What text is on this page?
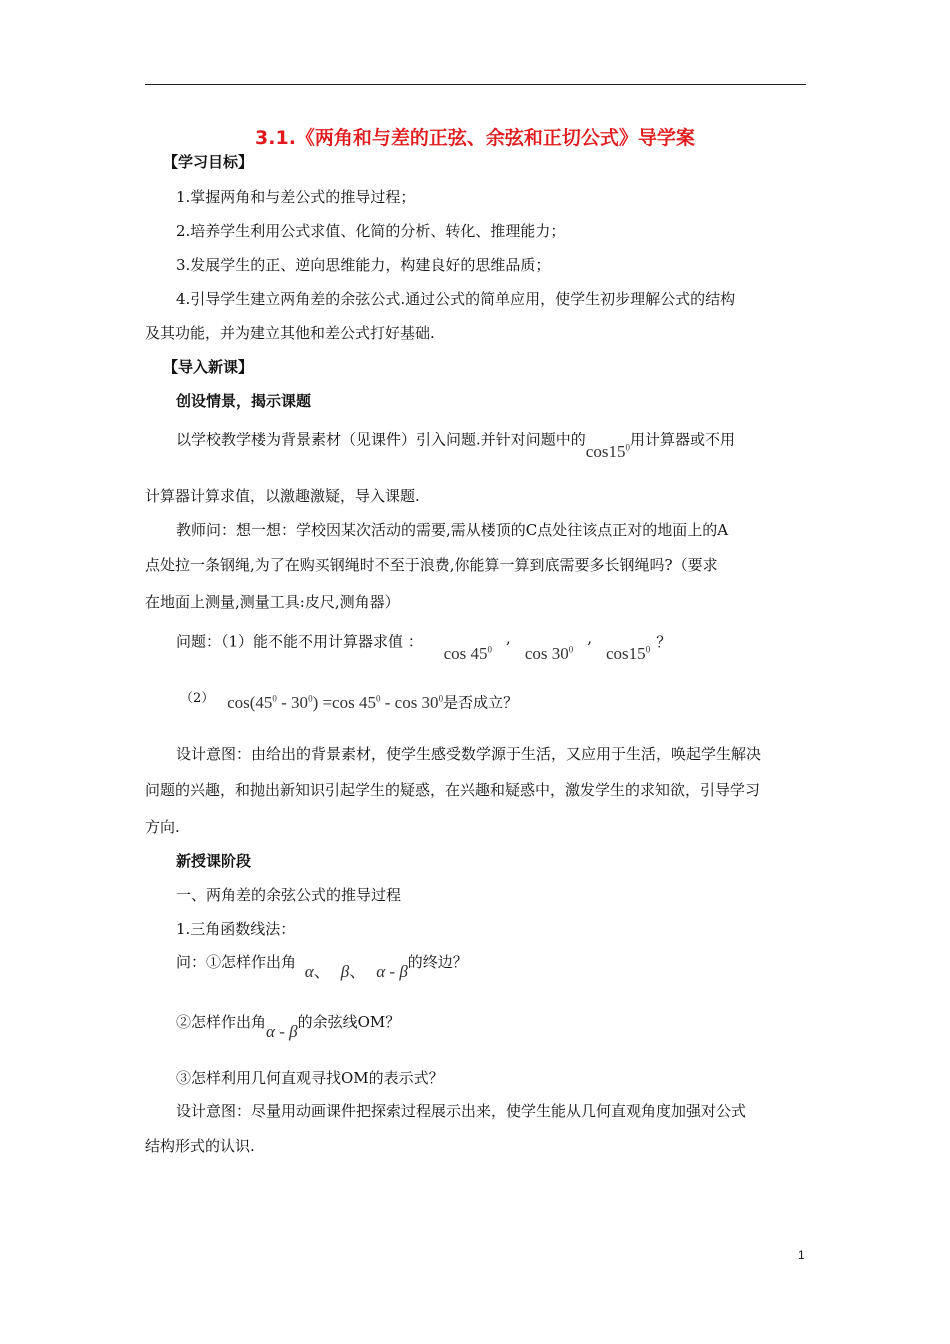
3.1.《两角和与差的正弦、余弦和正切公式》导学案
【学习目标】
1.掌握两角和与差公式的推导过程；
2.培养学生利用公式求值、化简的分析、转化、推理能力；
3.发展学生的正、逆向思维能力，构建良好的思维品质；
4.引导学生建立两角差的余弦公式.通过公式的简单应用，使学生初步理解公式的结构
及其功能，并为建立其他和差公式打好基础.
【导入新课】
创设情景，揭示课题
以学校教学楼为背景素材（见课件）引入问题.并针对问题中的$\cos 15^0$用计算器或不用
计算器计算求值，以激趣激疑，导入课题.
教师问：想一想：学校因某次活动的需要,需从楼顶的C点处往该点正对的地面上的A
点处拉一条钢绳,为了在购买钢绳时不至于浪费,你能算一算到底需要多长钢绳吗?（要求
在地面上测量,测量工具:皮尺,测角器）
问题：（1）能不能不用计算器求值 ： $\cos 45^0,\cos$ $30^0,\cos 15^0$ ？
（2） $\cos(45^0 - 30^0) =\cos$ $45^0$ - $\cos 30^0$是否成立？
设计意图：由给出的背景素材，使学生感受数学源于生活，又应用于生活，唤起学生解决
问题的兴趣，和抛出新知识引起学生的疑惑，在兴趣和疑惑中，激发学生的求知欲，引导学习
方向.
新授课阶段
一、两角差的余弦公式的推导过程
1.三角函数线法：
问：①怎样作出角 α、 β、 α - β的终边？
②怎样作出角α - β的余弦线OM？
③怎样利用几何直观寻找OM的表示式？
设计意图：尽量用动画课件把探索过程展示出来，使学生能从几何直观角度加强对公式
结构形式的认识.
1
